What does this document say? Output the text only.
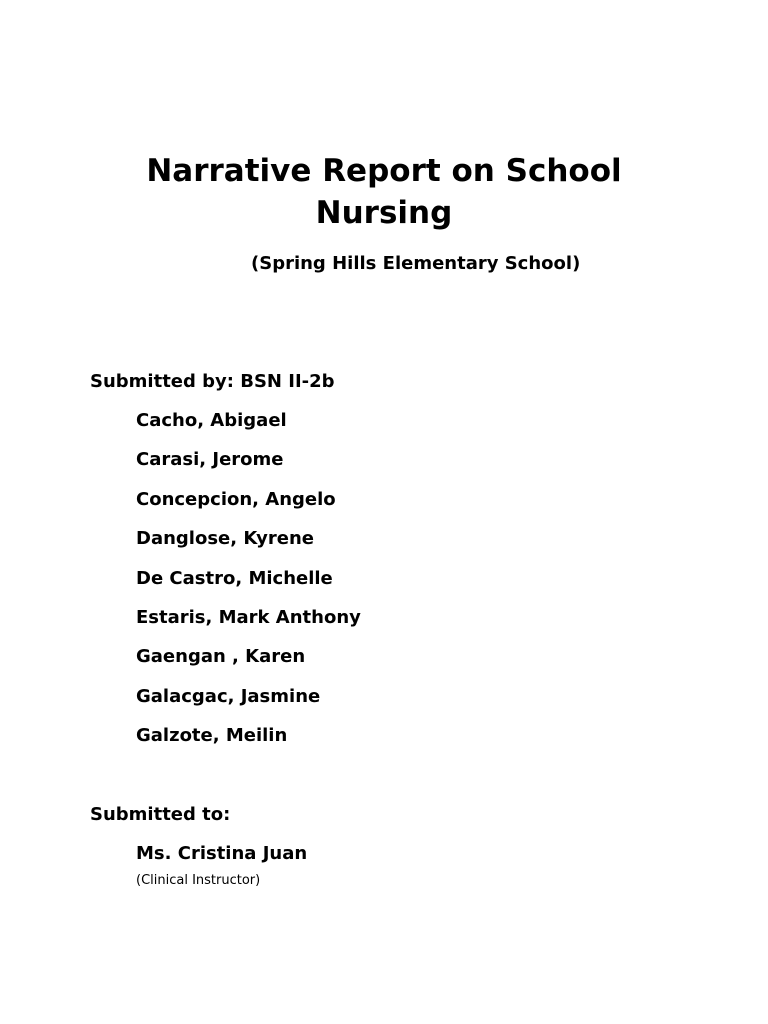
Narrative Report on School Nursing

(Spring Hills Elementary School)

Submitted by: BSN II-2b

Cacho, Abigael
Carasi, Jerome
Concepcion, Angelo
Danglose, Kyrene
De Castro, Michelle
Estaris, Mark Anthony
Gaengan , Karen
Galacgac, Jasmine
Galzote, Meilin

Submitted to:

Ms. Cristina Juan

(Clinical Instructor)
